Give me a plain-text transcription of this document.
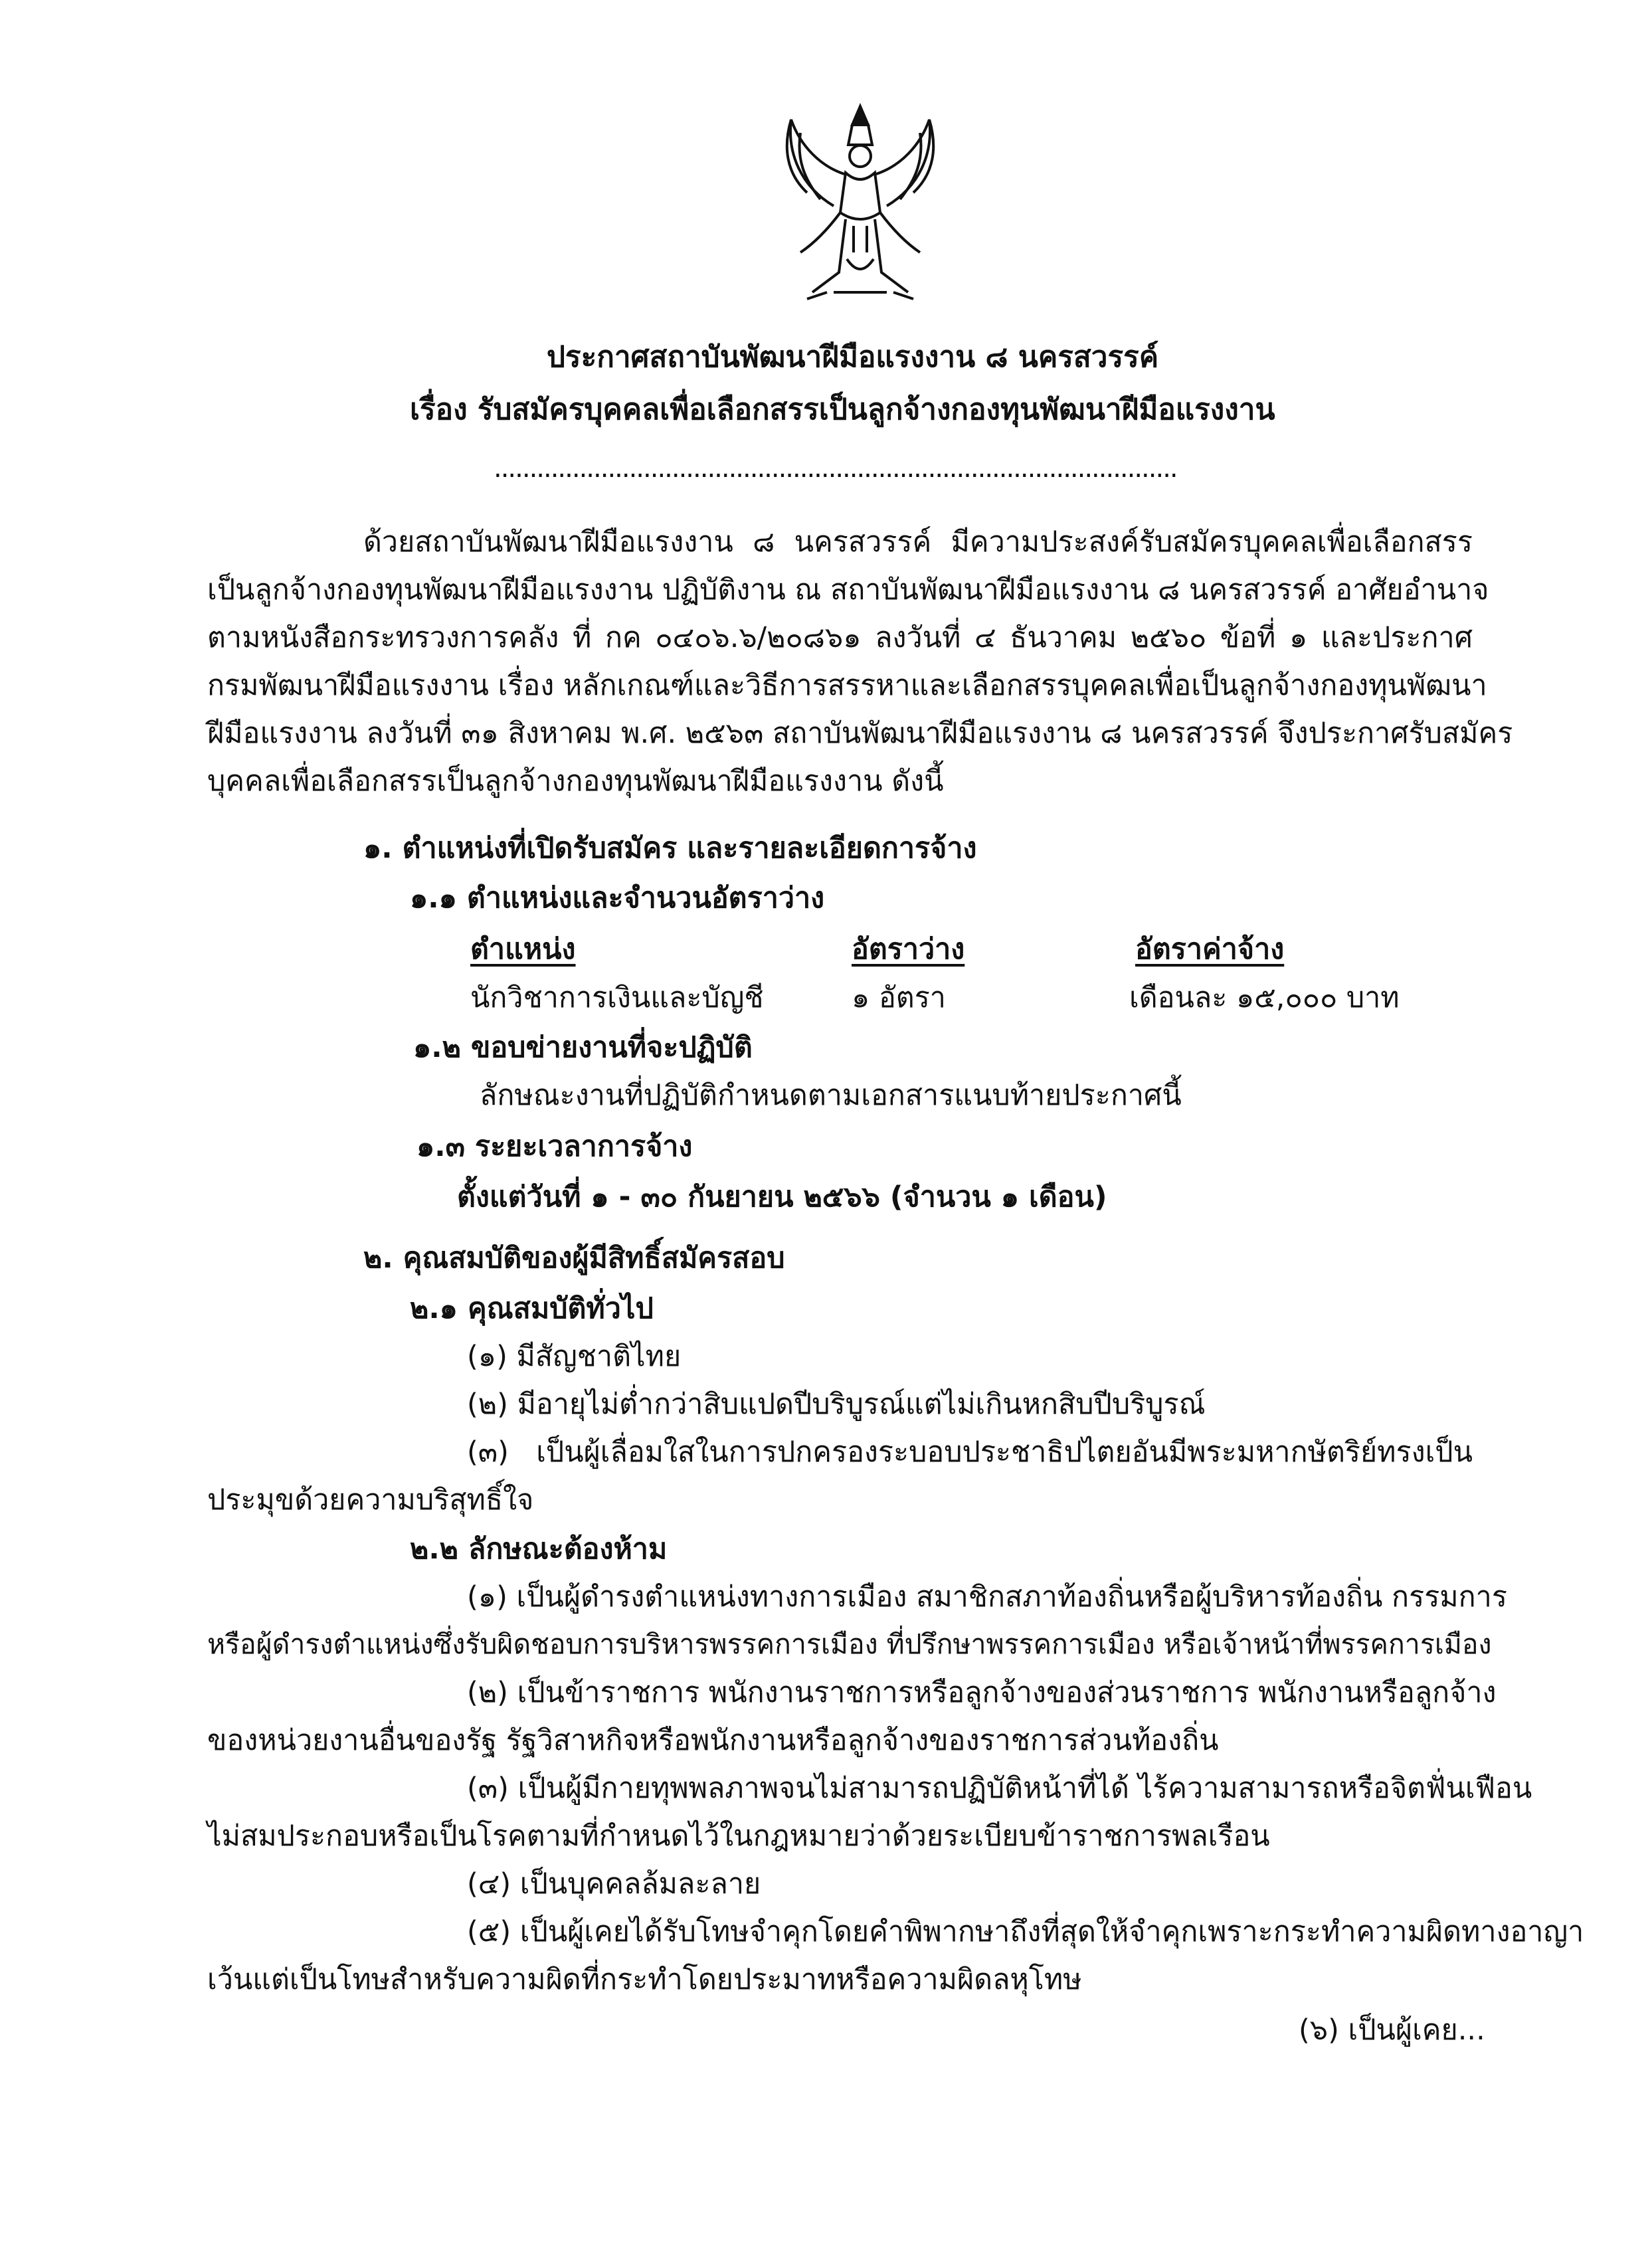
ประกาศสถาบันพัฒนาฝีมือแรงงาน ๘ นครสวรรค์
เรื่อง รับสมัครบุคคลเพื่อเลือกสรรเป็นลูกจ้างกองทุนพัฒนาฝีมือแรงงาน
................................................................................................
ด้วยสถาบันพัฒนาฝีมือแรงงาน ๘ นครสวรรค์ มีความประสงค์รับสมัครบุคคลเพื่อเลือกสรร
เป็นลูกจ้างกองทุนพัฒนาฝีมือแรงงาน ปฏิบัติงาน ณ สถาบันพัฒนาฝีมือแรงงาน ๘ นครสวรรค์ อาศัยอำนาจ
ตามหนังสือกระทรวงการคลัง ที่ กค ๐๔๐๖.๖/๒๐๘๖๑ ลงวันที่ ๔ ธันวาคม ๒๕๖๐ ข้อที่ ๑ และประกาศ
กรมพัฒนาฝีมือแรงงาน เรื่อง หลักเกณฑ์และวิธีการสรรหาและเลือกสรรบุคคลเพื่อเป็นลูกจ้างกองทุนพัฒนา
ฝีมือแรงงาน ลงวันที่ ๓๑ สิงหาคม พ.ศ. ๒๕๖๓ สถาบันพัฒนาฝีมือแรงงาน ๘ นครสวรรค์ จึงประกาศรับสมัคร
บุคคลเพื่อเลือกสรรเป็นลูกจ้างกองทุนพัฒนาฝีมือแรงงาน ดังนี้
๑. ตำแหน่งที่เปิดรับสมัคร และรายละเอียดการจ้าง
๑.๑ ตำแหน่งและจำนวนอัตราว่าง
ตำแหน่ง	อัตราว่าง	อัตราค่าจ้าง
นักวิชาการเงินและบัญชี	๑ อัตรา	เดือนละ ๑๕,๐๐๐ บาท
๑.๒ ขอบข่ายงานที่จะปฏิบัติ
ลักษณะงานที่ปฏิบัติกำหนดตามเอกสารแนบท้ายประกาศนี้
๑.๓ ระยะเวลาการจ้าง
ตั้งแต่วันที่ ๑ - ๓๐ กันยายน ๒๕๖๖ (จำนวน ๑ เดือน)
๒. คุณสมบัติของผู้มีสิทธิ์สมัครสอบ
๒.๑ คุณสมบัติทั่วไป
(๑) มีสัญชาติไทย
(๒) มีอายุไม่ต่ำกว่าสิบแปดปีบริบูรณ์แต่ไม่เกินหกสิบปีบริบูรณ์
(๓) เป็นผู้เลื่อมใสในการปกครองระบอบประชาธิปไตยอันมีพระมหากษัตริย์ทรงเป็น
ประมุขด้วยความบริสุทธิ์ใจ
๒.๒ ลักษณะต้องห้าม
(๑) เป็นผู้ดำรงตำแหน่งทางการเมือง สมาชิกสภาท้องถิ่นหรือผู้บริหารท้องถิ่น กรรมการ
หรือผู้ดำรงตำแหน่งซึ่งรับผิดชอบการบริหารพรรคการเมือง ที่ปรึกษาพรรคการเมือง หรือเจ้าหน้าที่พรรคการเมือง
(๒) เป็นข้าราชการ พนักงานราชการหรือลูกจ้างของส่วนราชการ พนักงานหรือลูกจ้าง
ของหน่วยงานอื่นของรัฐ รัฐวิสาหกิจหรือพนักงานหรือลูกจ้างของราชการส่วนท้องถิ่น
(๓) เป็นผู้มีกายทุพพลภาพจนไม่สามารถปฏิบัติหน้าที่ได้ ไร้ความสามารถหรือจิตฟั่นเฟือน
ไม่สมประกอบหรือเป็นโรคตามที่กำหนดไว้ในกฎหมายว่าด้วยระเบียบข้าราชการพลเรือน
(๔) เป็นบุคคลล้มละลาย
(๕) เป็นผู้เคยได้รับโทษจำคุกโดยคำพิพากษาถึงที่สุดให้จำคุกเพราะกระทำความผิดทางอาญา
เว้นแต่เป็นโทษสำหรับความผิดที่กระทำโดยประมาทหรือความผิดลหุโทษ
(๖) เป็นผู้เคย...
